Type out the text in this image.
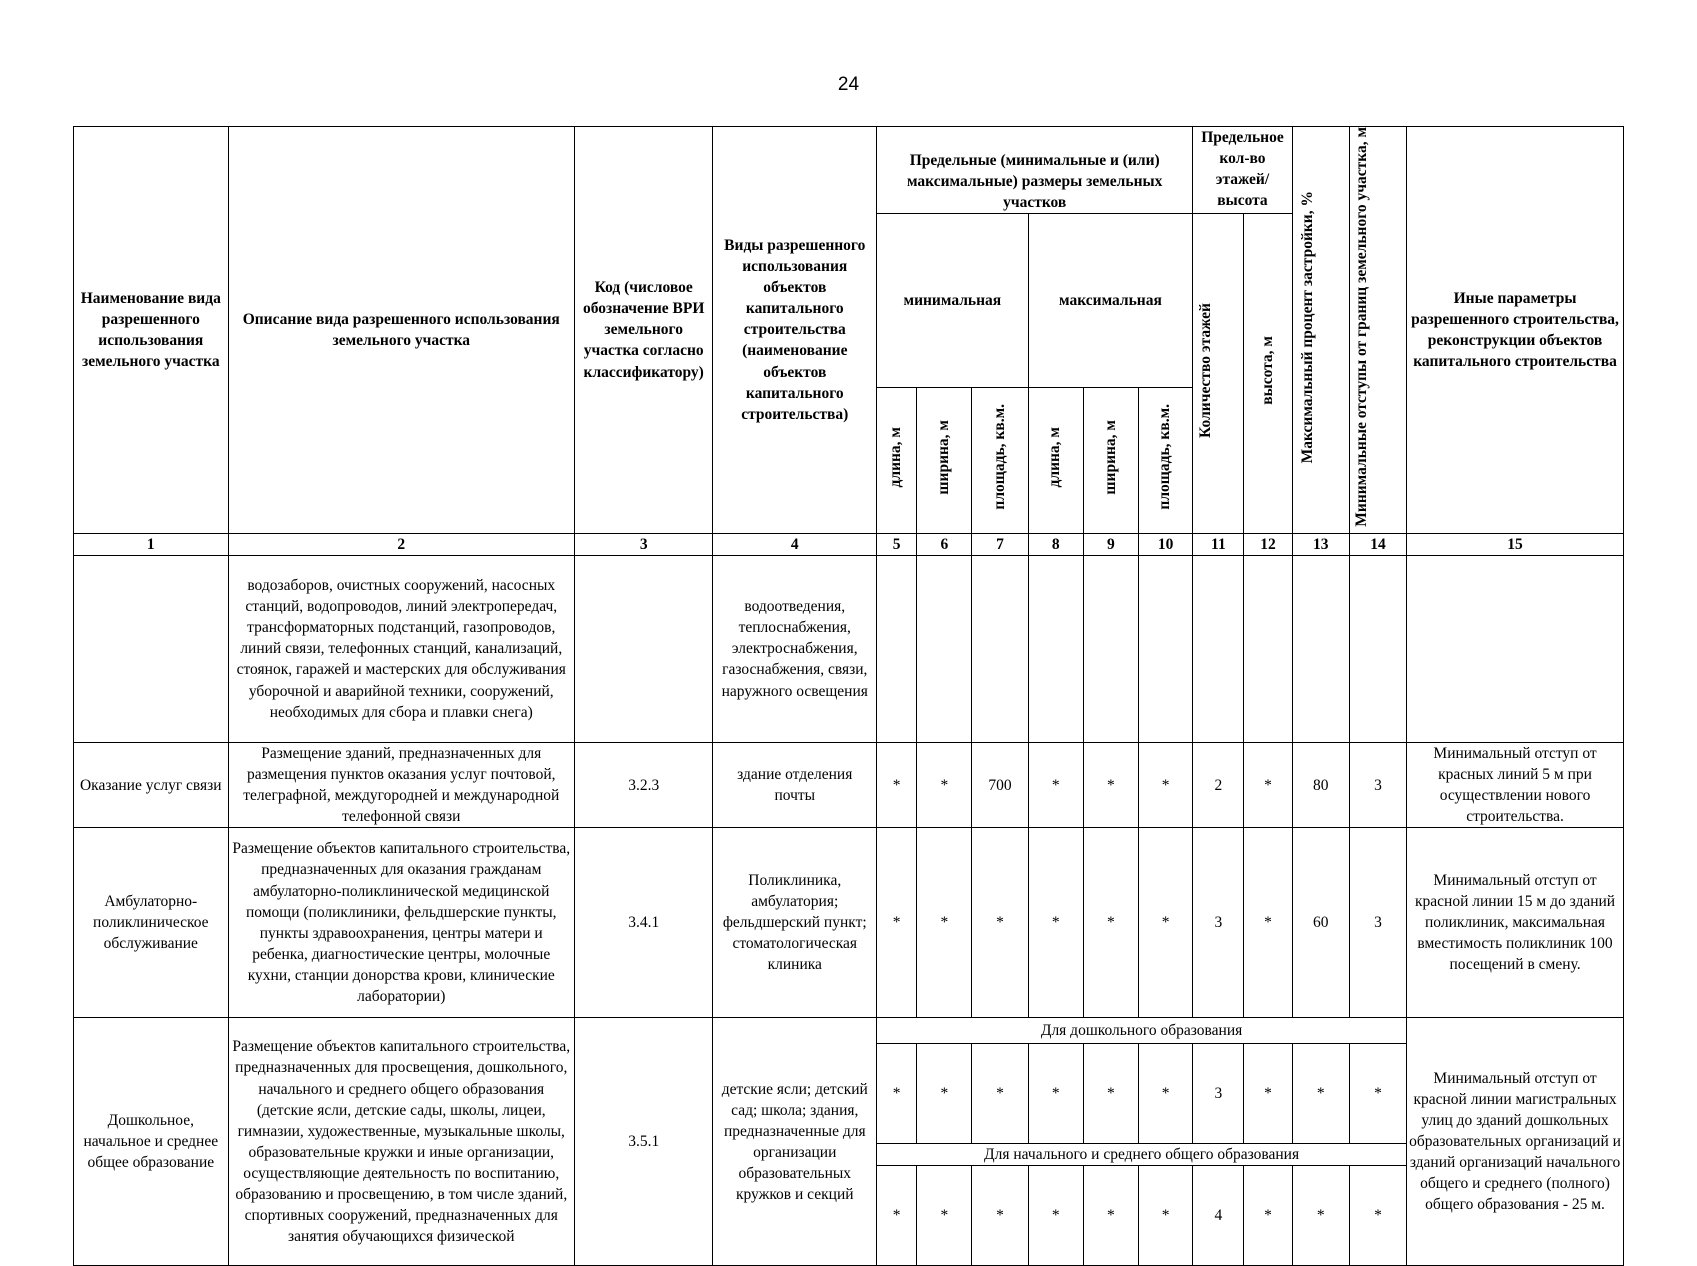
24
Наименование вида разрешенного использования земельного участка	Описание вида разрешенного использования земельного участка	Код (числовое обозначение ВРИ земельного участка согласно классификатору)	Виды разрешенного использования объектов капитального строительства (наименование объектов капитального строительства)	Предельные (минимальные и (или) максимальные) размеры земельных участков						Предельное кол-во этажей/ высота		Максимальный процент застройки, %	Минимальные отступы от границ земельного участка, м	Иные параметры разрешенного строительства, реконструкции объектов капитального строительства
				минимальная			максимальная			Количество этажей	высота, м			
				длина, м	ширина, м	площадь, кв.м.	длина, м	ширина, м	площадь, кв.м.					
1	2	3	4	5	6	7	8	9	10	11	12	13	14	15
	водозаборов, очистных сооружений, насосных станций, водопроводов, линий электропередач, трансформаторных подстанций, газопроводов, линий связи, телефонных станций, канализаций, стоянок, гаражей и мастерских для обслуживания уборочной и аварийной техники, сооружений, необходимых для сбора и плавки снега)		водоотведения, теплоснабжения, электроснабжения, газоснабжения, связи, наружного освещения											
Оказание услуг связи	Размещение зданий, предназначенных для размещения пунктов оказания услуг почтовой, телеграфной, междугородней и международной телефонной связи	3.2.3	здание отделения почты	*	*	700	*	*	*	2	*	80	3	Минимальный отступ от красных линий 5 м при осуществлении нового строительства.
Амбулаторно-поликлиническое обслуживание	Размещение объектов капитального строительства, предназначенных для оказания гражданам амбулаторно-поликлинической медицинской помощи (поликлиники, фельдшерские пункты, пункты здравоохранения, центры матери и ребенка, диагностические центры, молочные кухни, станции донорства крови, клинические лаборатории)	3.4.1	Поликлиника, амбулатория; фельдшерский пункт; стоматологическая клиника	*	*	*	*	*	*	3	*	60	3	Минимальный отступ от красной линии 15 м до зданий поликлиник, максимальная вместимость поликлиник 100 посещений в смену.
Дошкольное, начальное и среднее общее образование	Размещение объектов капитального строительства, предназначенных для просвещения, дошкольного, начального и среднего общего образования (детские ясли, детские сады, школы, лицеи, гимназии, художественные, музыкальные школы, образовательные кружки и иные организации, осуществляющие деятельность по воспитанию, образованию и просвещению, в том числе зданий, спортивных сооружений, предназначенных для занятия обучающихся физической	3.5.1	детские ясли; детский сад; школа; здания, предназначенные для организации образовательных кружков и секций	Для дошкольного образования										Минимальный отступ от красной линии магистральных улиц до зданий дошкольных образовательных организаций и зданий организаций начального общего и среднего (полного) общего образования - 25 м.
				*	*	*	*	*	*	3	*	*	*	
				Для начального и среднего общего образования										
				*	*	*	*	*	*	4	*	*	*	
